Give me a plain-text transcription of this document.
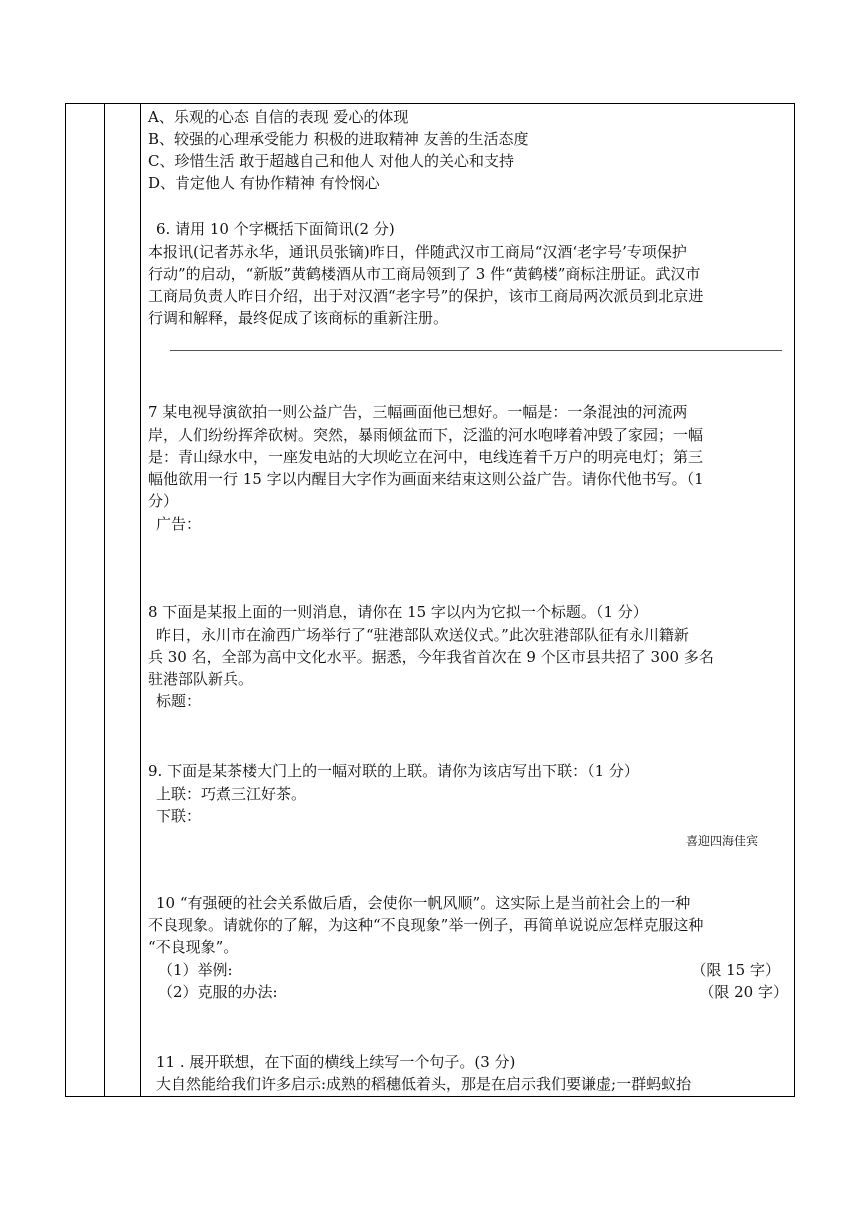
A、乐观的心态 自信的表现 爱心的体现
B、较强的心理承受能力 积极的进取精神 友善的生活态度
C、珍惜生活 敢于超越自己和他人 对他人的关心和支持
D、肯定他人 有协作精神 有怜悯心
6. 请用 10 个字概括下面简讯(2 分)
本报讯(记者苏永华，通讯员张镝)昨日，伴随武汉市工商局“汉酒‘老字号’专项保护
行动”的启动，“新版”黄鹤楼酒从市工商局领到了 3 件“黄鹤楼”商标注册证。武汉市
工商局负责人昨日介绍，出于对汉酒“老字号”的保护，该市工商局两次派员到北京进
行调和解释，最终促成了该商标的重新注册。
7 某电视导演欲拍一则公益广告，三幅画面他已想好。一幅是：一条混浊的河流两
岸，人们纷纷挥斧砍树。突然，暴雨倾盆而下，泛滥的河水咆哮着冲毁了家园；一幅
是：青山绿水中，一座发电站的大坝屹立在河中，电线连着千万户的明亮电灯；第三
幅他欲用一行 15 字以内醒目大字作为画面来结束这则公益广告。请你代他书写。（1
分）
广告：
8 下面是某报上面的一则消息，请你在 15 字以内为它拟一个标题。（1 分）
昨日，永川市在渝西广场举行了“驻港部队欢送仪式。”此次驻港部队征有永川籍新
兵 30 名，全部为高中文化水平。据悉，今年我省首次在 9 个区市县共招了 300 多名
驻港部队新兵。
标题：
9. 下面是某茶楼大门上的一幅对联的上联。请你为该店写出下联：（1 分）
上联：巧煮三江好茶。
下联：
喜迎四海佳宾
10 “有强硬的社会关系做后盾，会使你一帆风顺”。这实际上是当前社会上的一种
不良现象。请就你的了解，为这种“不良现象”举一例子，再简单说说应怎样克服这种
“不良现象”。
（1）举例:	（限 15 字）
（2）克服的办法:	（限 20 字）
11 . 展开联想，在下面的横线上续写一个句子。(3 分)
大自然能给我们许多启示:成熟的稻穗低着头，那是在启示我们要谦虚;一群蚂蚁抬
